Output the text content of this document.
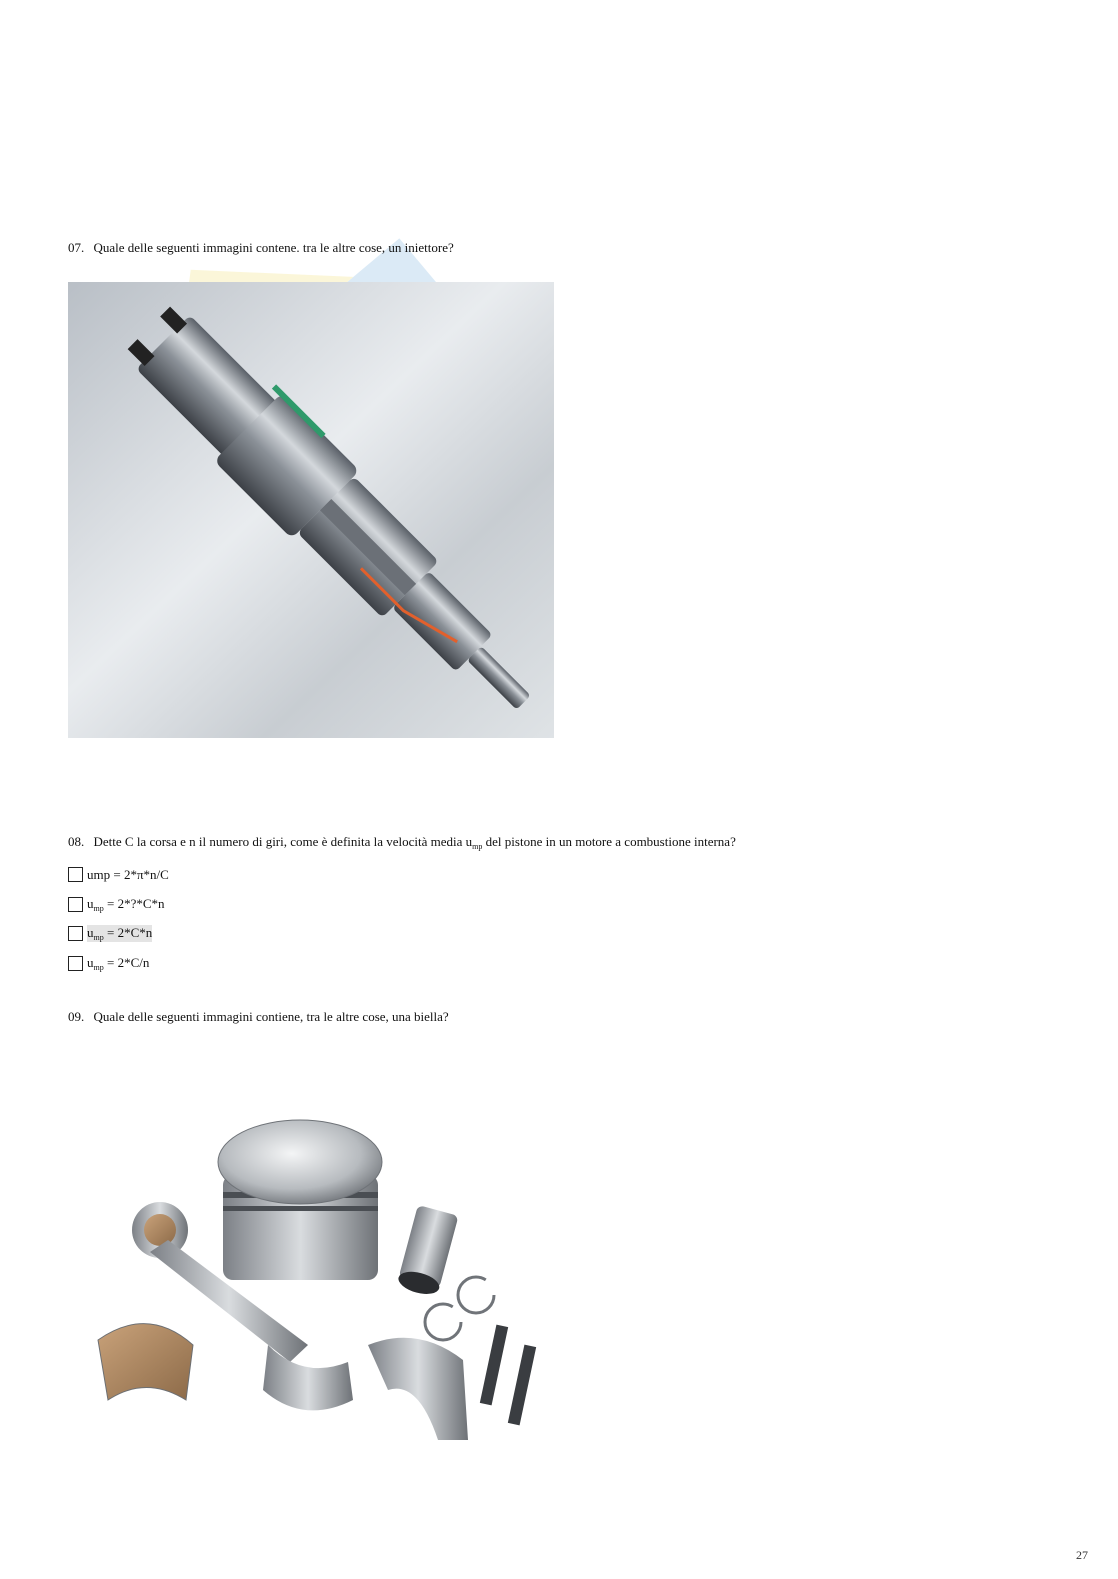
07. Quale delle seguenti immagini contene. tra le altre cose, un iniettore?
08. Dette C la corsa e n il numero di giri, come è definita la velocità media $u_{mp}$ del pistone in un motore a combustione interna?
ump = 2*π*n/C
$u_{mp}$ = 2*?*C*n
$u_{mp} = 2*C*n$
$u_{mp} = 2*C/n$
09. Quale delle seguenti immagini contiene, tra le altre cose, una biella?
27
